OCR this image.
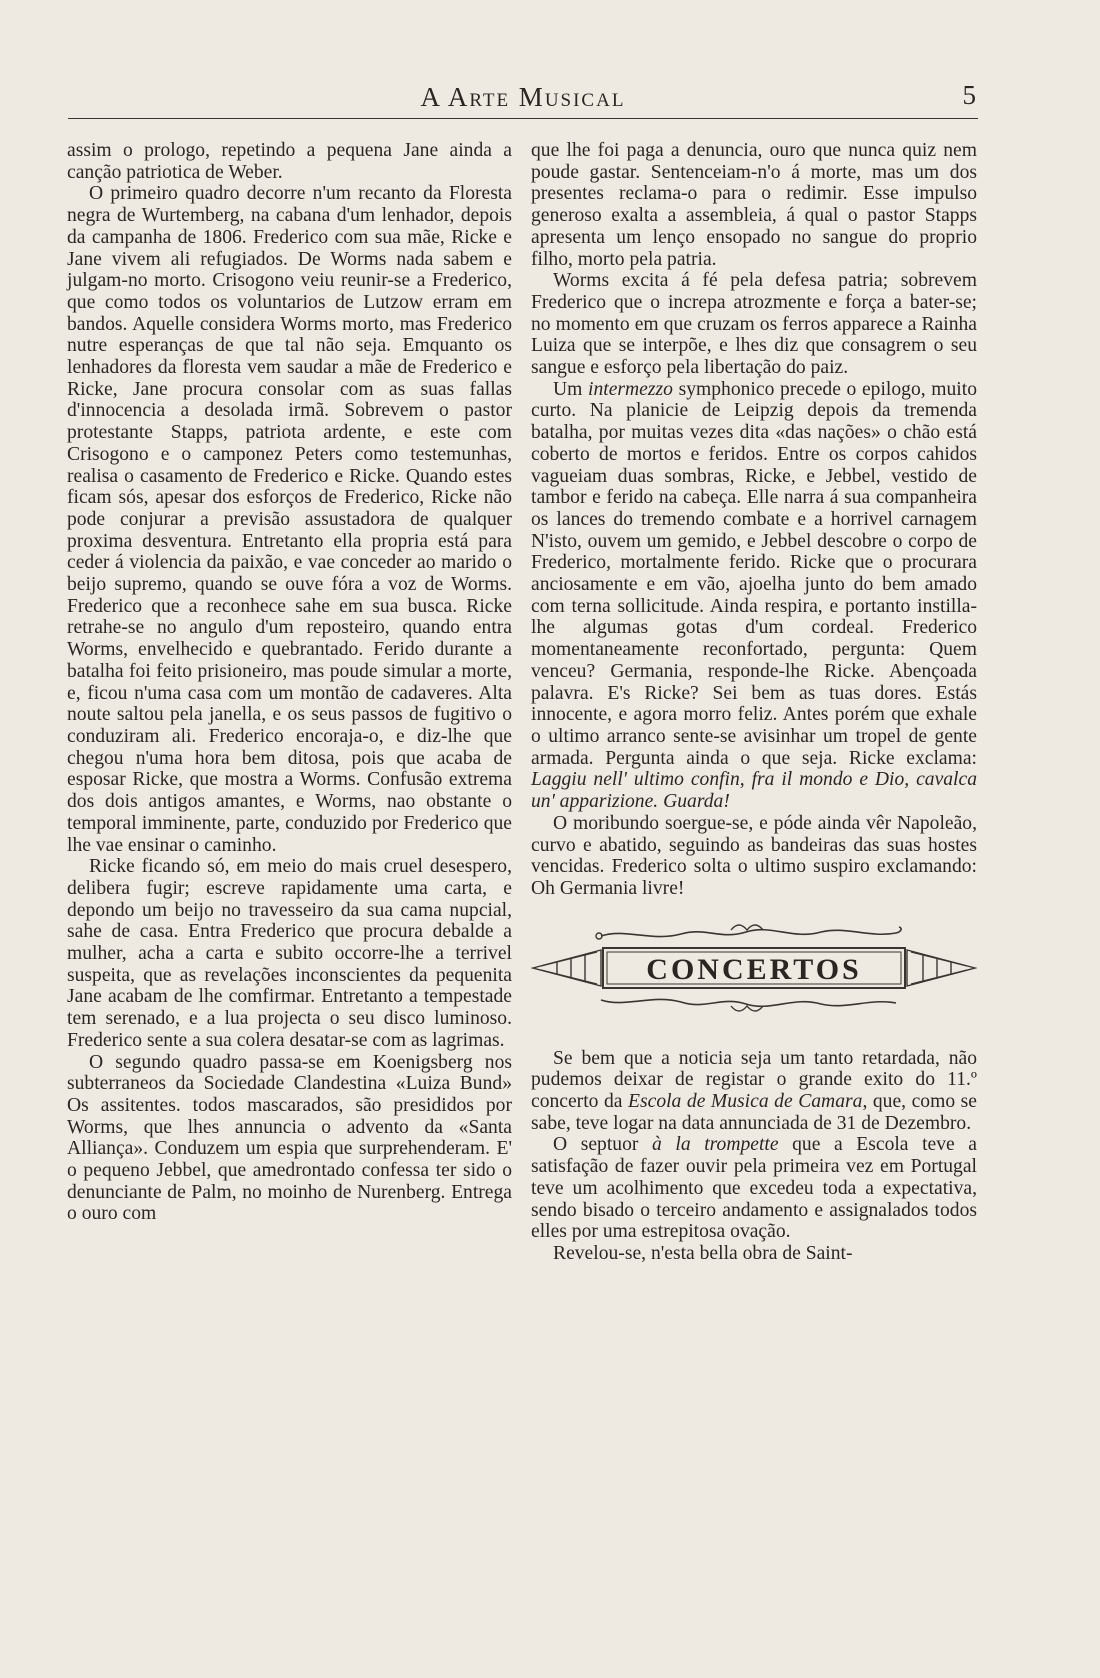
A Arte Musical	5

assim o prologo, repetindo a pequena Jane ainda a canção patriotica de Weber.

O primeiro quadro decorre n'um recanto da Floresta negra de Wurtemberg, na cabana d'um lenhador, depois da campanha de 1806. Frederico com sua mãe, Ricke e Jane vivem ali refugiados. De Worms nada sabem e julgam-no morto. Crisogono veiu reunir-se a Frederico, que como todos os voluntarios de Lutzow erram em bandos. Aquelle considera Worms morto, mas Frederico nutre esperanças de que tal não seja. Emquanto os lenhadores da floresta vem saudar a mãe de Frederico e Ricke, Jane procura consolar com as suas fallas d'innocencia a desolada irmã. Sobrevem o pastor protestante Stapps, patriota ardente, e este com Crisogono e o camponez Peters como testemunhas, realisa o casamento de Frederico e Ricke. Quando estes ficam sós, apesar dos esforços de Frederico, Ricke não pode conjurar a previsão assustadora de qualquer proxima desventura. Entretanto ella propria está para ceder á violencia da paixão, e vae conceder ao marido o beijo supremo, quando se ouve fóra a voz de Worms. Frederico que a reconhece sahe em sua busca. Ricke retrahe-se no angulo d'um reposteiro, quando entra Worms, envelhecido e quebrantado. Ferido durante a batalha foi feito prisioneiro, mas poude simular a morte, e, ficou n'uma casa com um montão de cadaveres. Alta noute saltou pela janella, e os seus passos de fugitivo o conduziram ali. Frederico encoraja-o, e diz-lhe que chegou n'uma hora bem ditosa, pois que acaba de esposar Ricke, que mostra a Worms. Confusão extrema dos dois antigos amantes, e Worms, nao obstante o temporal imminente, parte, conduzido por Frederico que lhe vae ensinar o caminho.

Ricke ficando só, em meio do mais cruel desespero, delibera fugir; escreve rapidamente uma carta, e depondo um beijo no travesseiro da sua cama nupcial, sahe de casa. Entra Frederico que procura debalde a mulher, acha a carta e subito occorre-lhe a terrivel suspeita, que as revelações inconscientes da pequenita Jane acabam de lhe comfirmar. Entretanto a tempestade tem serenado, e a lua projecta o seu disco luminoso. Frederico sente a sua colera desatar-se com as lagrimas.

O segundo quadro passa-se em Koenigsberg nos subterraneos da Sociedade Clandestina «Luiza Bund» Os assitentes. todos mascarados, são presididos por Worms, que lhes annuncia o advento da «Santa Alliança». Conduzem um espia que surprehenderam. E' o pequeno Jebbel, que amedrontado confessa ter sido o denunciante de Palm, no moinho de Nurenberg. Entrega o ouro com

que lhe foi paga a denuncia, ouro que nunca quiz nem poude gastar. Sentenceiam-n'o á morte, mas um dos presentes reclama-o para o redimir. Esse impulso generoso exalta a assembleia, á qual o pastor Stapps apresenta um lenço ensopado no sangue do proprio filho, morto pela patria.

Worms excita á fé pela defesa patria; sobrevem Frederico que o increpa atrozmente e força a bater-se; no momento em que cruzam os ferros apparece a Rainha Luiza que se interpõe, e lhes diz que consagrem o seu sangue e esforço pela libertação do paiz.

Um intermezzo symphonico precede o epilogo, muito curto. Na planicie de Leipzig depois da tremenda batalha, por muitas vezes dita «das nações» o chão está coberto de mortos e feridos. Entre os corpos cahidos vagueiam duas sombras, Ricke, e Jebbel, vestido de tambor e ferido na cabeça. Elle narra á sua companheira os lances do tremendo combate e a horrivel carnagem N'isto, ouvem um gemido, e Jebbel descobre o corpo de Frederico, mortalmente ferido. Ricke que o procurara anciosamente e em vão, ajoelha junto do bem amado com terna sollicitude. Ainda respira, e portanto instilla-lhe algumas gotas d'um cordeal. Frederico momentaneamente reconfortado, pergunta: Quem venceu? Germania, responde-lhe Ricke. Abençoada palavra. E's Ricke? Sei bem as tuas dores. Estás innocente, e agora morro feliz. Antes porém que exhale o ultimo arranco sente-se avisinhar um tropel de gente armada. Pergunta ainda o que seja. Ricke exclama: Laggiu nell' ultimo confin, fra il mondo e Dio, cavalca un' apparizione. Guarda!

O moribundo soergue-se, e póde ainda vêr Napoleão, curvo e abatido, seguindo as bandeiras das suas hostes vencidas. Frederico solta o ultimo suspiro exclamando: Oh Germania livre!

CONCERTOS

Se bem que a noticia seja um tanto retardada, não pudemos deixar de registar o grande exito do 11.º concerto da Escola de Musica de Camara, que, como se sabe, teve logar na data annunciada de 31 de Dezembro.

O septuor à la trompette que a Escola teve a satisfação de fazer ouvir pela primeira vez em Portugal teve um acolhimento que excedeu toda a expectativa, sendo bisado o terceiro andamento e assignalados todos elles por uma estrepitosa ovação.

Revelou-se, n'esta bella obra de Saint-
